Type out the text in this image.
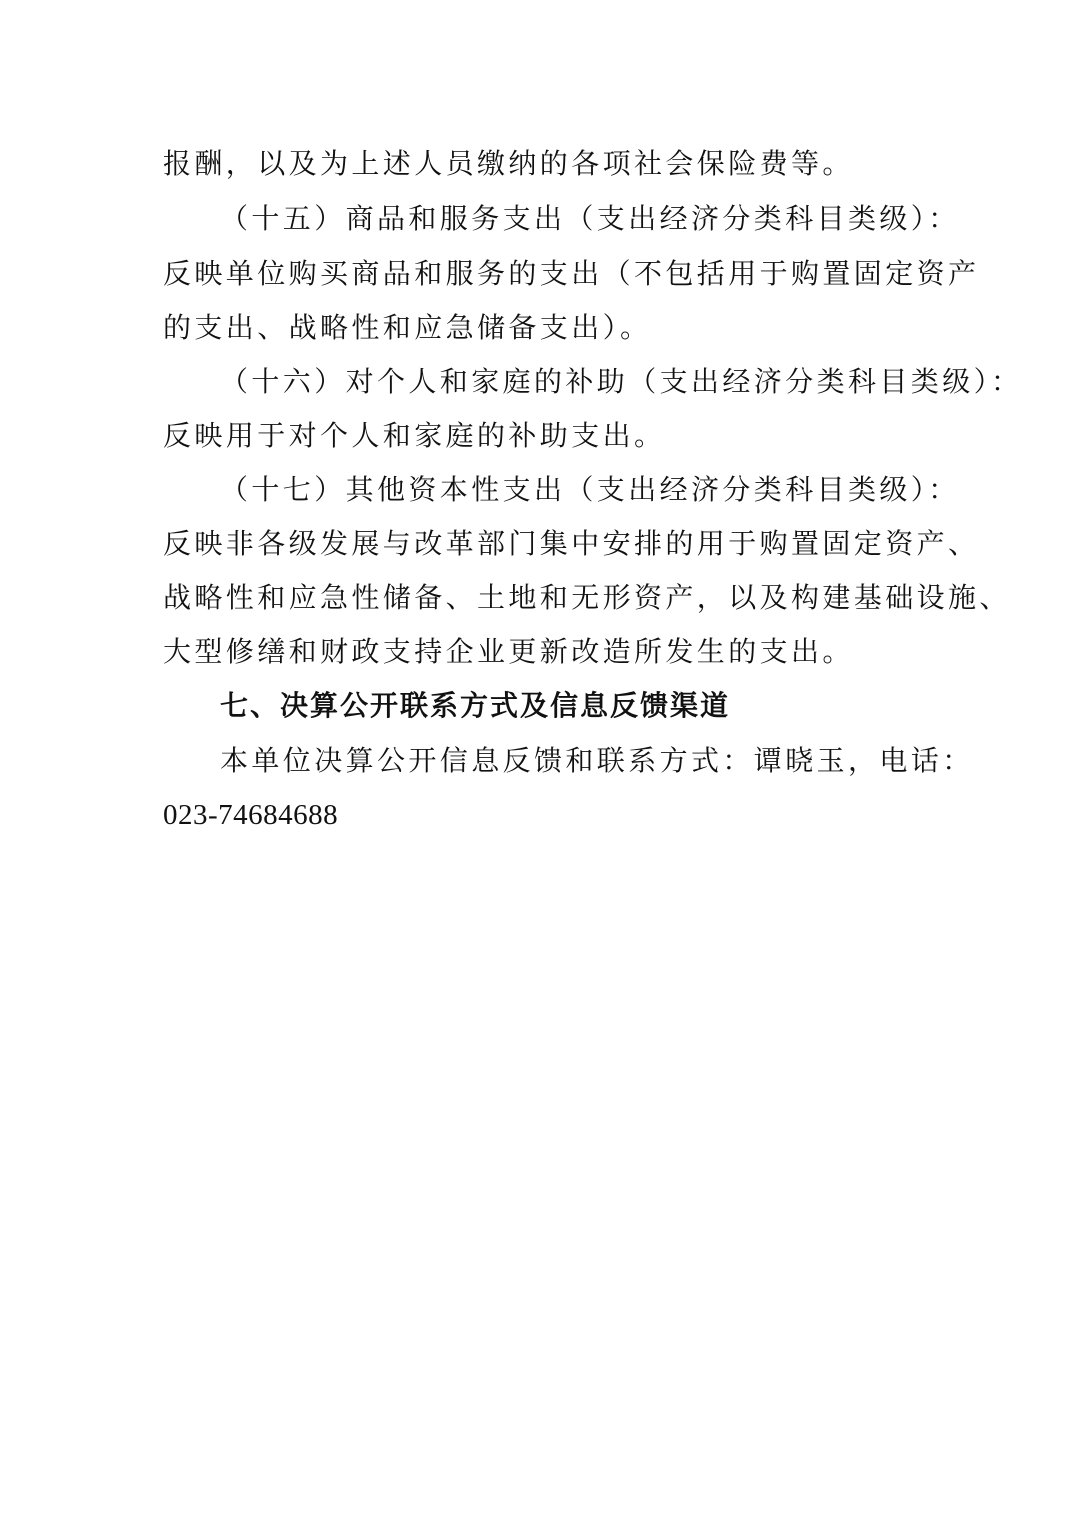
报酬，以及为上述人员缴纳的各项社会保险费等。
（十五）商品和服务支出（支出经济分类科目类级）：
反映单位购买商品和服务的支出（不包括用于购置固定资产
的支出、战略性和应急储备支出）。
（十六）对个人和家庭的补助（支出经济分类科目类级）：
反映用于对个人和家庭的补助支出。
（十七）其他资本性支出（支出经济分类科目类级）：
反映非各级发展与改革部门集中安排的用于购置固定资产、
战略性和应急性储备、土地和无形资产，以及构建基础设施、
大型修缮和财政支持企业更新改造所发生的支出。
七、决算公开联系方式及信息反馈渠道
本单位决算公开信息反馈和联系方式：谭晓玉，电话：
023-74684688
